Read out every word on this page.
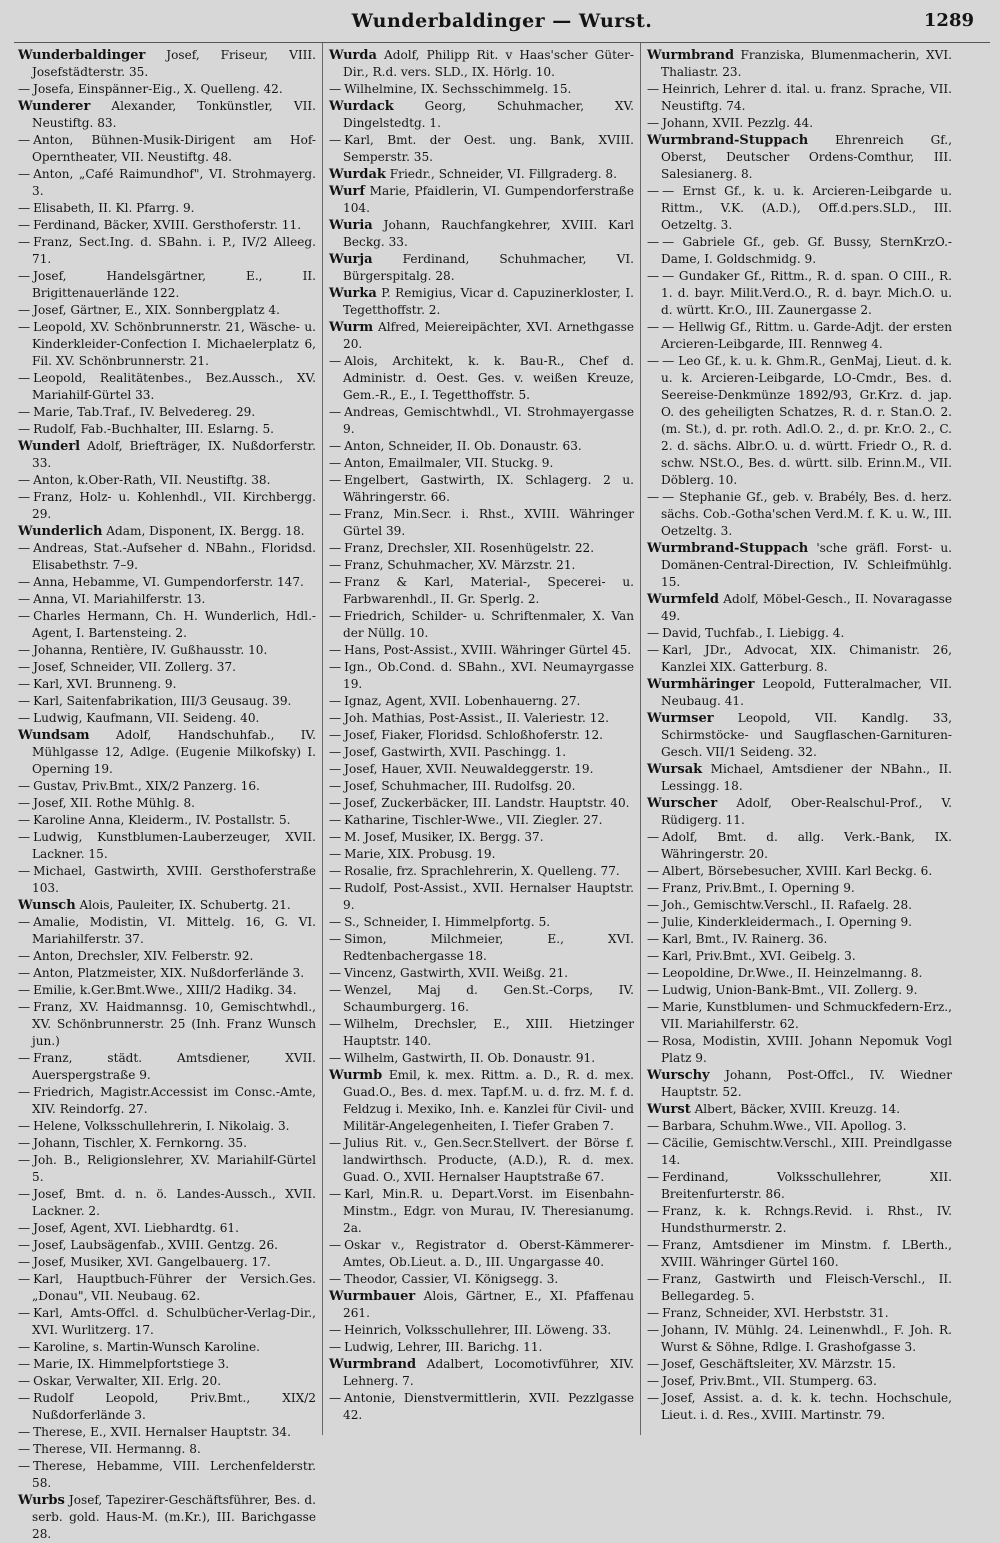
Wunderbaldinger — Wurst.	1289

Wunderbaldinger Josef, Friseur, VIII. Josefstädterstr. 35.

— Josefa, Einspänner-Eig., X. Quelleng. 42.

Wunderer Alexander, Tonkünstler, VII. Neustiftg. 83.

— Anton, Bühnen-Musik-Dirigent am Hof-Operntheater, VII. Neustiftg. 48.

— Anton, „Café Raimundhof", VI. Strohmayerg. 3.

— Elisabeth, II. Kl. Pfarrg. 9.

— Ferdinand, Bäcker, XVIII. Gersthoferstr. 11.

— Franz, Sect.Ing. d. SBahn. i. P., IV/2 Alleeg. 71.

— Josef, Handelsgärtner, E., II. Brigittenauerlände 122.

— Josef, Gärtner, E., XIX. Sonnbergplatz 4.

— Leopold, XV. Schönbrunnerstr. 21, Wäsche- u. Kinderkleider-Confection I. Michaelerplatz 6, Fil. XV. Schönbrunnerstr. 21.

— Leopold, Realitätenbes., Bez.Aussch., XV. Mariahilf-Gürtel 33.

— Marie, Tab.Traf., IV. Belvedereg. 29.

— Rudolf, Fab.-Buchhalter, III. Eslarng. 5.

Wunderl Adolf, Briefträger, IX. Nußdorferstr. 33.

— Anton, k.Ober-Rath, VII. Neustiftg. 38.

— Franz, Holz- u. Kohlenhdl., VII. Kirchbergg. 29.

Wunderlich Adam, Disponent, IX. Bergg. 18.

— Andreas, Stat.-Aufseher d. NBahn., Floridsd. Elisabethstr. 7–9.

— Anna, Hebamme, VI. Gumpendorferstr. 147.

— Anna, VI. Mariahilferstr. 13.

— Charles Hermann, Ch. H. Wunderlich, Hdl.-Agent, I. Bartensteing. 2.

— Johanna, Rentière, IV. Gußhausstr. 10.

— Josef, Schneider, VII. Zollerg. 37.

— Karl, XVI. Brunneng. 9.

— Karl, Saitenfabrikation, III/3 Geusaug. 39.

— Ludwig, Kaufmann, VII. Seideng. 40.

Wundsam Adolf, Handschuhfab., IV. Mühlgasse 12, Adlge. (Eugenie Milkofsky) I. Operning 19.

— Gustav, Priv.Bmt., XIX/2 Panzerg. 16.

— Josef, XII. Rothe Mühlg. 8.

— Karoline Anna, Kleiderm., IV. Postallstr. 5.

— Ludwig, Kunstblumen-Lauberzeuger, XVII. Lackner. 15.

— Michael, Gastwirth, XVIII. Gersthoferstraße 103.

Wunsch Alois, Pauleiter, IX. Schubertg. 21.

— Amalie, Modistin, VI. Mittelg. 16, G. VI. Mariahilferstr. 37.

— Anton, Drechsler, XIV. Felberstr. 92.

— Anton, Platzmeister, XIX. Nußdorferlände 3.

— Emilie, k.Ger.Bmt.Wwe., XIII/2 Hadikg. 34.

— Franz, XV. Haidmannsg. 10, Gemischtwhdl., XV. Schönbrunnerstr. 25 (Inh. Franz Wunsch jun.)

— Franz, städt. Amtsdiener, XVII. Auerspergstraße 9.

— Friedrich, Magistr.Accessist im Consc.-Amte, XIV. Reindorfg. 27.

— Helene, Volksschullehrerin, I. Nikolaig. 3.

— Johann, Tischler, X. Fernkorng. 35.

— Joh. B., Religionslehrer, XV. Mariahilf-Gürtel 5.

— Josef, Bmt. d. n. ö. Landes-Aussch., XVII. Lackner. 2.

— Josef, Agent, XVI. Liebhardtg. 61.

— Josef, Laubsägenfab., XVIII. Gentzg. 26.

— Josef, Musiker, XVI. Gangelbauerg. 17.

— Karl, Hauptbuch-Führer der Versich.Ges. „Donau", VII. Neubaug. 62.

— Karl, Amts-Offcl. d. Schulbücher-Verlag-Dir., XVI. Wurlitzerg. 17.

— Karoline, s. Martin-Wunsch Karoline.

— Marie, IX. Himmelpfortstiege 3.

— Oskar, Verwalter, XII. Erlg. 20.

— Rudolf Leopold, Priv.Bmt., XIX/2 Nußdorferlände 3.

— Therese, E., XVII. Hernalser Hauptstr. 34.

— Therese, VII. Hermanng. 8.

— Therese, Hebamme, VIII. Lerchenfelderstr. 58.

Wurbs Josef, Tapezirer-Geschäftsführer, Bes. d. serb. gold. Haus-M. (m.Kr.), III. Barichgasse 28.

Wurda Adolf, Philipp Rit. v Haas'scher Güter-Dir., R.d. vers. SLD., IX. Hörlg. 10.

— Wilhelmine, IX. Sechsschimmelg. 15.

Wurdack	Georg, Schuhmacher, XV. Dingelstedtg. 1.

— Karl, Bmt. der Oest. ung. Bank, XVIII. Semperstr. 35.

Wurdak Friedr., Schneider, VI. Fillgraderg. 8.

Wurf Marie, Pfaidlerin, VI. Gumpendorferstraße 104.

Wuria Johann, Rauchfangkehrer, XVIII. Karl Beckg. 33.

Wurja Ferdinand, Schuhmacher, VI. Bürgerspitalg. 28.

Wurka P. Remigius, Vicar d. Capuzinerkloster, I. Tegetthoffstr. 2.

Wurm Alfred, Meiereipächter, XVI. Arnethgasse 20.

— Alois, Architekt, k. k. Bau-R., Chef d. Administr. d. Oest. Ges. v. weißen Kreuze, Gem.-R., E., I. Tegetthoffstr. 5.

— Andreas, Gemischtwhdl., VI. Strohmayergasse 9.

— Anton, Schneider, II. Ob. Donaustr. 63.

— Anton, Emailmaler, VII. Stuckg. 9.

— Engelbert, Gastwirth, IX. Schlagerg. 2 u. Währingerstr. 66.

— Franz, Min.Secr. i. Rhst., XVIII. Währinger Gürtel 39.

— Franz, Drechsler, XII. Rosenhügelstr. 22.

— Franz, Schuhmacher, XV. Märzstr. 21.

— Franz & Karl, Material-, Specerei- u. Farbwarenhdl., II. Gr. Sperlg. 2.

— Friedrich, Schilder- u. Schriftenmaler, X. Van der Nüllg. 10.

— Hans, Post-Assist., XVIII. Währinger Gürtel 45.

— Ign., Ob.Cond. d. SBahn., XVI. Neumayrgasse 19.

— Ignaz, Agent, XVII. Lobenhauerng. 27.

— Joh. Mathias, Post-Assist., II. Valeriestr. 12.

— Josef, Fiaker, Floridsd. Schloßhoferstr. 12.

— Josef, Gastwirth, XVII. Paschingg. 1.

— Josef, Hauer, XVII. Neuwaldeggerstr. 19.

— Josef, Schuhmacher, III. Rudolfsg. 20.

— Josef, Zuckerbäcker, III. Landstr. Hauptstr. 40.

— Katharine, Tischler-Wwe., VII. Ziegler. 27.

— M. Josef, Musiker, IX. Bergg. 37.

— Marie, XIX. Probusg. 19.

— Rosalie, frz. Sprachlehrerin, X. Quelleng. 77.

— Rudolf, Post-Assist., XVII. Hernalser Hauptstr. 9.

— S., Schneider, I. Himmelpfortg. 5.

— Simon, Milchmeier, E., XVI. Redtenbachergasse 18.

— Vincenz, Gastwirth, XVII. Weißg. 21.

— Wenzel, Maj d. Gen.St.-Corps, IV. Schaumburgerg. 16.

— Wilhelm, Drechsler, E., XIII. Hietzinger Hauptstr. 140.

— Wilhelm, Gastwirth, II. Ob. Donaustr. 91.

Wurmb Emil, k. mex. Rittm. a. D., R. d. mex. Guad.O., Bes. d. mex. Tapf.M. u. d. frz. M. f. d. Feldzug i. Mexiko, Inh. e. Kanzlei für Civil- und Militär-Angelegenheiten, I. Tiefer Graben 7.

— Julius Rit. v., Gen.Secr.Stellvert. der Börse f. landwirthsch. Producte, (A.D.), R. d. mex. Guad. O., XVII. Hernalser Hauptstraße 67.

— Karl, Min.R. u. Depart.Vorst. im Eisenbahn-Minstm., Edgr. von Murau, IV. Theresianumg. 2a.

— Oskar v., Registrator d. Oberst-Kämmerer-Amtes, Ob.Lieut. a. D., III. Ungargasse 40.

— Theodor, Cassier, VI. Königsegg. 3.

Wurmbauer Alois, Gärtner, E., XI. Pfaffenau 261.

— Heinrich, Volksschullehrer, III. Löweng. 33.

— Ludwig, Lehrer, III. Barichg. 11.

Wurmbrand Adalbert, Locomotivführer, XIV. Lehnerg. 7.

— Antonie, Dienstvermittlerin, XVII. Pezzlgasse 42.

Wurmbrand Franziska, Blumenmacherin, XVI. Thaliastr. 23.

— Heinrich, Lehrer d. ital. u. franz. Sprache, VII. Neustiftg. 74.

— Johann, XVII. Pezzlg. 44.

Wurmbrand-Stuppach Ehrenreich Gf., Oberst, Deutscher Ordens-Comthur, III. Salesianerg. 8.

— — Ernst Gf., k. u. k. Arcieren-Leibgarde u. Rittm., V.K. (A.D.), Off.d.pers.SLD., III. Oetzeltg. 3.

— — Gabriele Gf., geb. Gf. Bussy, SternKrzO.-Dame, I. Goldschmidg. 9.

— — Gundaker Gf., Rittm., R. d. span. O CIII., R. 1. d. bayr. Milit.Verd.O., R. d. bayr. Mich.O. u. d. württ. Kr.O., III. Zaunergasse 2.

— — Hellwig Gf., Rittm. u. Garde-Adjt. der ersten Arcieren-Leibgarde, III. Rennweg 4.

— — Leo Gf., k. u. k. Ghm.R., GenMaj, Lieut. d. k. u. k. Arcieren-Leibgarde, LO-Cmdr., Bes. d. Seereise-Denkmünze 1892/93, Gr.Krz. d. jap. O. des geheiligten Schatzes, R. d. r. Stan.O. 2. (m. St.), d. pr. roth. Adl.O. 2., d. pr. Kr.O. 2., C. 2. d. sächs. Albr.O. u. d. württ. Friedr O., R. d. schw. NSt.O., Bes. d. württ. silb. Erinn.M., VII. Döblerg. 10.

— — Stephanie Gf., geb. v. Brabély, Bes. d. herz. sächs. Cob.-Gotha'schen Verd.M. f. K. u. W., III. Oetzeltg. 3.

Wurmbrand-Stuppach 'sche gräfl. Forst- u. Domänen-Central-Direction, IV. Schleifmühlg. 15.

Wurmfeld Adolf, Möbel-Gesch., II. Novaragasse 49.

— David, Tuchfab., I. Liebigg. 4.

— Karl, JDr., Advocat, XIX. Chimanistr. 26, Kanzlei XIX. Gatterburg. 8.

Wurmhäringer Leopold, Futteralmacher, VII. Neubaug. 41.

Wurmser Leopold, VII. Kandlg. 33, Schirmstöcke- und Saugflaschen-Garnituren-Gesch. VII/1 Seideng. 32.

Wursak Michael, Amtsdiener der NBahn., II. Lessingg. 18.

Wurscher Adolf, Ober-Realschul-Prof., V. Rüdigerg. 11.

— Adolf, Bmt. d. allg. Verk.-Bank, IX. Währingerstr. 20.

— Albert, Börsebesucher, XVIII. Karl Beckg. 6.

— Franz, Priv.Bmt., I. Operning 9.

— Joh., Gemischtw.Verschl., II. Rafaelg. 28.

— Julie, Kinderkleidermach., I. Operning 9.

— Karl, Bmt., IV. Rainerg. 36.

— Karl, Priv.Bmt., XVI. Geibelg. 3.

— Leopoldine, Dr.Wwe., II. Heinzelmanng. 8.

— Ludwig, Union-Bank-Bmt., VII. Zollerg. 9.

— Marie, Kunstblumen- und Schmuckfedern-Erz., VII. Mariahilferstr. 62.

— Rosa, Modistin, XVIII. Johann Nepomuk Vogl Platz 9.

Wurschy Johann, Post-Offcl., IV. Wiedner Hauptstr. 52.

Wurst Albert, Bäcker, XVIII. Kreuzg. 14.

— Barbara, Schuhm.Wwe., VII. Apollog. 3.

— Cäcilie, Gemischtw.Verschl., XIII. Preindlgasse 14.

— Ferdinand, Volksschullehrer, XII. Breitenfurterstr. 86.

— Franz, k. k. Rchngs.Revid. i. Rhst., IV. Hundsthurmerstr. 2.

— Franz, Amtsdiener im Minstm. f. LBerth., XVIII. Währinger Gürtel 160.

— Franz, Gastwirth und Fleisch-Verschl., II. Bellegardeg. 5.

— Franz, Schneider, XVI. Herbststr. 31.

— Johann, IV. Mühlg. 24. Leinenwhdl., F. Joh. R. Wurst & Söhne, Rdlge. I. Grashofgasse 3.

— Josef, Geschäftsleiter, XV. Märzstr. 15.

— Josef, Priv.Bmt., VII. Stumperg. 63.

— Josef, Assist. a. d. k. k. techn. Hochschule, Lieut. i. d. Res., XVIII. Martinstr. 79.
